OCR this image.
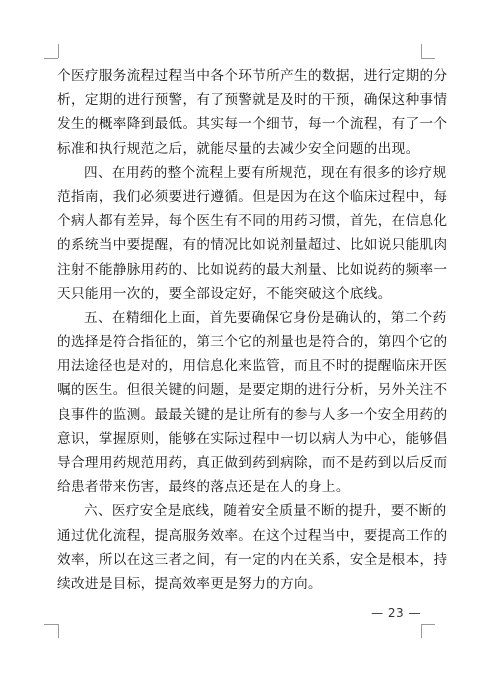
个医疗服务流程过程当中各个环节所产生的数据，进行定期的分
析，定期的进行预警，有了预警就是及时的干预，确保这种事情
发生的概率降到最低。其实每一个细节，每一个流程，有了一个
标准和执行规范之后，就能尽量的去减少安全问题的出现。
四、在用药的整个流程上要有所规范，现在有很多的诊疗规
范指南，我们必须要进行遵循。但是因为在这个临床过程中，每
个病人都有差异，每个医生有不同的用药习惯，首先，在信息化
的系统当中要提醒，有的情况比如说剂量超过、比如说只能肌肉
注射不能静脉用药的、比如说药的最大剂量、比如说药的频率一
天只能用一次的，要全部设定好，不能突破这个底线。
五、在精细化上面，首先要确保它身份是确认的，第二个药
的选择是符合指征的，第三个它的剂量也是符合的，第四个它的
用法途径也是对的，用信息化来监管，而且不时的提醒临床开医
嘱的医生。但很关键的问题，是要定期的进行分析，另外关注不
良事件的监测。最最关键的是让所有的参与人多一个安全用药的
意识，掌握原则，能够在实际过程中一切以病人为中心，能够倡
导合理用药规范用药，真正做到药到病除，而不是药到以后反而
给患者带来伤害，最终的落点还是在人的身上。
六、医疗安全是底线，随着安全质量不断的提升，要不断的
通过优化流程，提高服务效率。在这个过程当中，要提高工作的
效率，所以在这三者之间，有一定的内在关系，安全是根本，持
续改进是目标，提高效率更是努力的方向。
— 23 —
